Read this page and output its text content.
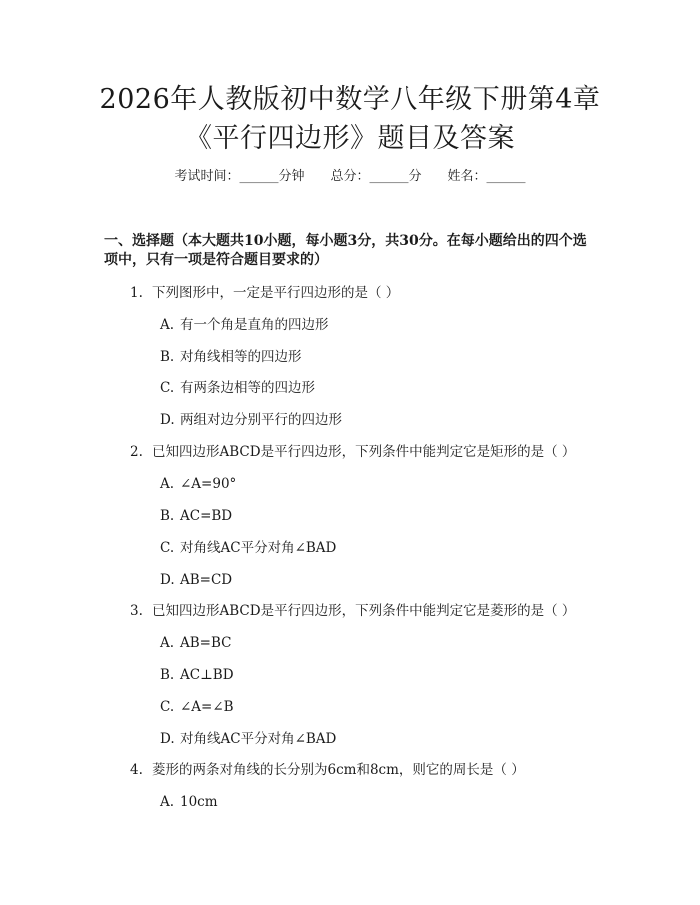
2026年人教版初中数学八年级下册第4章
《平行四边形》题目及答案
考试时间：______分钟 总分：______分 姓名：______
一、选择题（本大题共10小题，每小题3分，共30分。在每小题给出的四个选
项中，只有一项是符合题目要求的）
1. 下列图形中，一定是平行四边形的是（ ）
A. 有一个角是直角的四边形
B. 对角线相等的四边形
C. 有两条边相等的四边形
D. 两组对边分别平行的四边形
2. 已知四边形ABCD是平行四边形，下列条件中能判定它是矩形的是（ ）
A. ∠A=90°
B. AC=BD
C. 对角线AC平分对角∠BAD
D. AB=CD
3. 已知四边形ABCD是平行四边形，下列条件中能判定它是菱形的是（ ）
A. AB=BC
B. AC⊥BD
C. ∠A=∠B
D. 对角线AC平分对角∠BAD
4. 菱形的两条对角线的长分别为6cm和8cm，则它的周长是（ ）
A. 10cm
